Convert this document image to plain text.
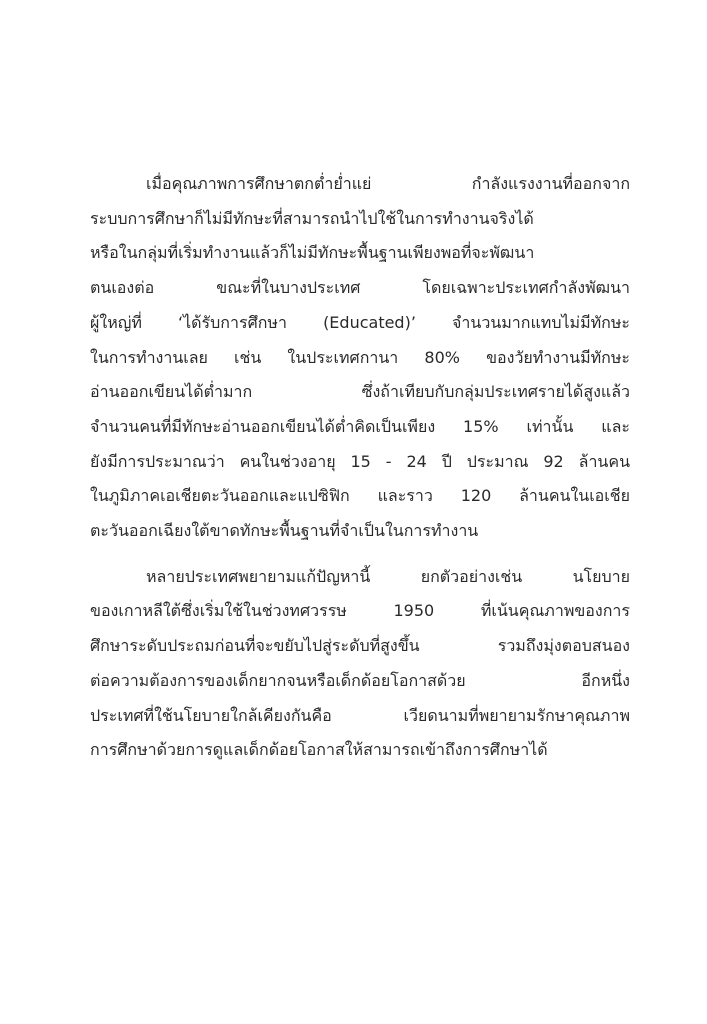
เมื่อคุณภาพการศึกษาตกต่ำย่ำแย่ กำลังแรงงานที่ออกจาก
ระบบการศึกษาก็ไม่มีทักษะที่สามารถนำไปใช้ในการทำงานจริงได้
หรือในกลุ่มที่เริ่มทำงานแล้วก็ไม่มีทักษะพื้นฐานเพียงพอที่จะพัฒนา
ตนเองต่อ ขณะที่ในบางประเทศ โดยเฉพาะประเทศกำลังพัฒนา
ผู้ใหญ่ที่ ‘ได้รับการศึกษา (Educated)’ จำนวนมากแทบไม่มีทักษะ
ในการทำงานเลย เช่น ในประเทศกานา 80% ของวัยทำงานมีทักษะ
อ่านออกเขียนได้ต่ำมาก ซึ่งถ้าเทียบกับกลุ่มประเทศรายได้สูงแล้ว
จำนวนคนที่มีทักษะอ่านออกเขียนได้ต่ำคิดเป็นเพียง 15% เท่านั้น และ
ยังมีการประมาณว่า คนในช่วงอายุ 15 - 24 ปี ประมาณ 92 ล้านคน
ในภูมิภาคเอเชียตะวันออกและแปซิฟิก และราว 120 ล้านคนในเอเชีย
ตะวันออกเฉียงใต้ขาดทักษะพื้นฐานที่จำเป็นในการทำงาน

หลายประเทศพยายามแก้ปัญหานี้ ยกตัวอย่างเช่น นโยบาย
ของเกาหลีใต้ซึ่งเริ่มใช้ในช่วงทศวรรษ 1950 ที่เน้นคุณภาพของการ
ศึกษาระดับประถมก่อนที่จะขยับไปสู่ระดับที่สูงขึ้น รวมถึงมุ่งตอบสนอง
ต่อความต้องการของเด็กยากจนหรือเด็กด้อยโอกาสด้วย อีกหนึ่ง
ประเทศที่ใช้นโยบายใกล้เคียงกันคือ เวียดนามที่พยายามรักษาคุณภาพ
การศึกษาด้วยการดูแลเด็กด้อยโอกาสให้สามารถเข้าถึงการศึกษาได้
